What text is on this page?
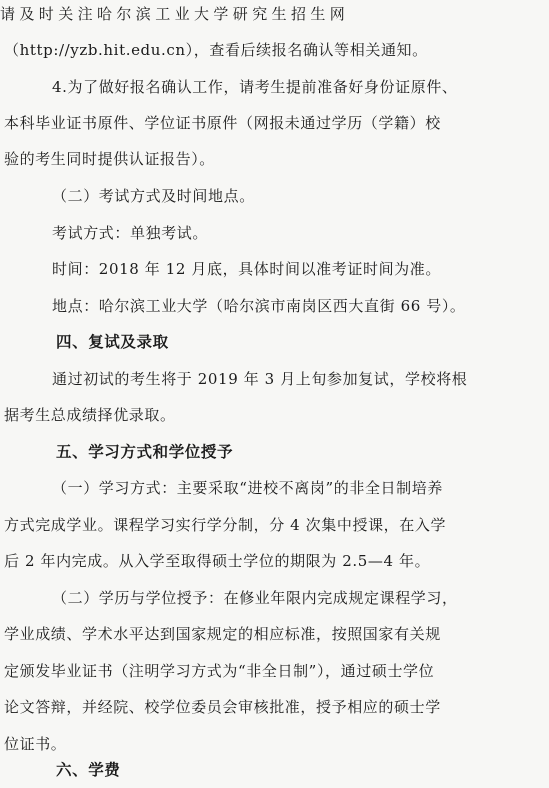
请及时关注哈尔滨工业大学研究生招生网
（http://yzb.hit.edu.cn），查看后续报名确认等相关通知。
4.为了做好报名确认工作，请考生提前准备好身份证原件、
本科毕业证书原件、学位证书原件（网报未通过学历（学籍）校
验的考生同时提供认证报告）。
（二）考试方式及时间地点。
考试方式：单独考试。
时间：2018 年 12 月底，具体时间以准考证时间为准。
地点：哈尔滨工业大学（哈尔滨市南岗区西大直街 66 号）。
四、复试及录取
通过初试的考生将于 2019 年 3 月上旬参加复试，学校将根
据考生总成绩择优录取。
五、学习方式和学位授予
（一）学习方式：主要采取“进校不离岗”的非全日制培养
方式完成学业。课程学习实行学分制，分 4 次集中授课，在入学
后 2 年内完成。从入学至取得硕士学位的期限为 2.5—4 年。
（二）学历与学位授予：在修业年限内完成规定课程学习，
学业成绩、学术水平达到国家规定的相应标准，按照国家有关规
定颁发毕业证书（注明学习方式为“非全日制”），通过硕士学位
论文答辩，并经院、校学位委员会审核批准，授予相应的硕士学
位证书。
六、学费
